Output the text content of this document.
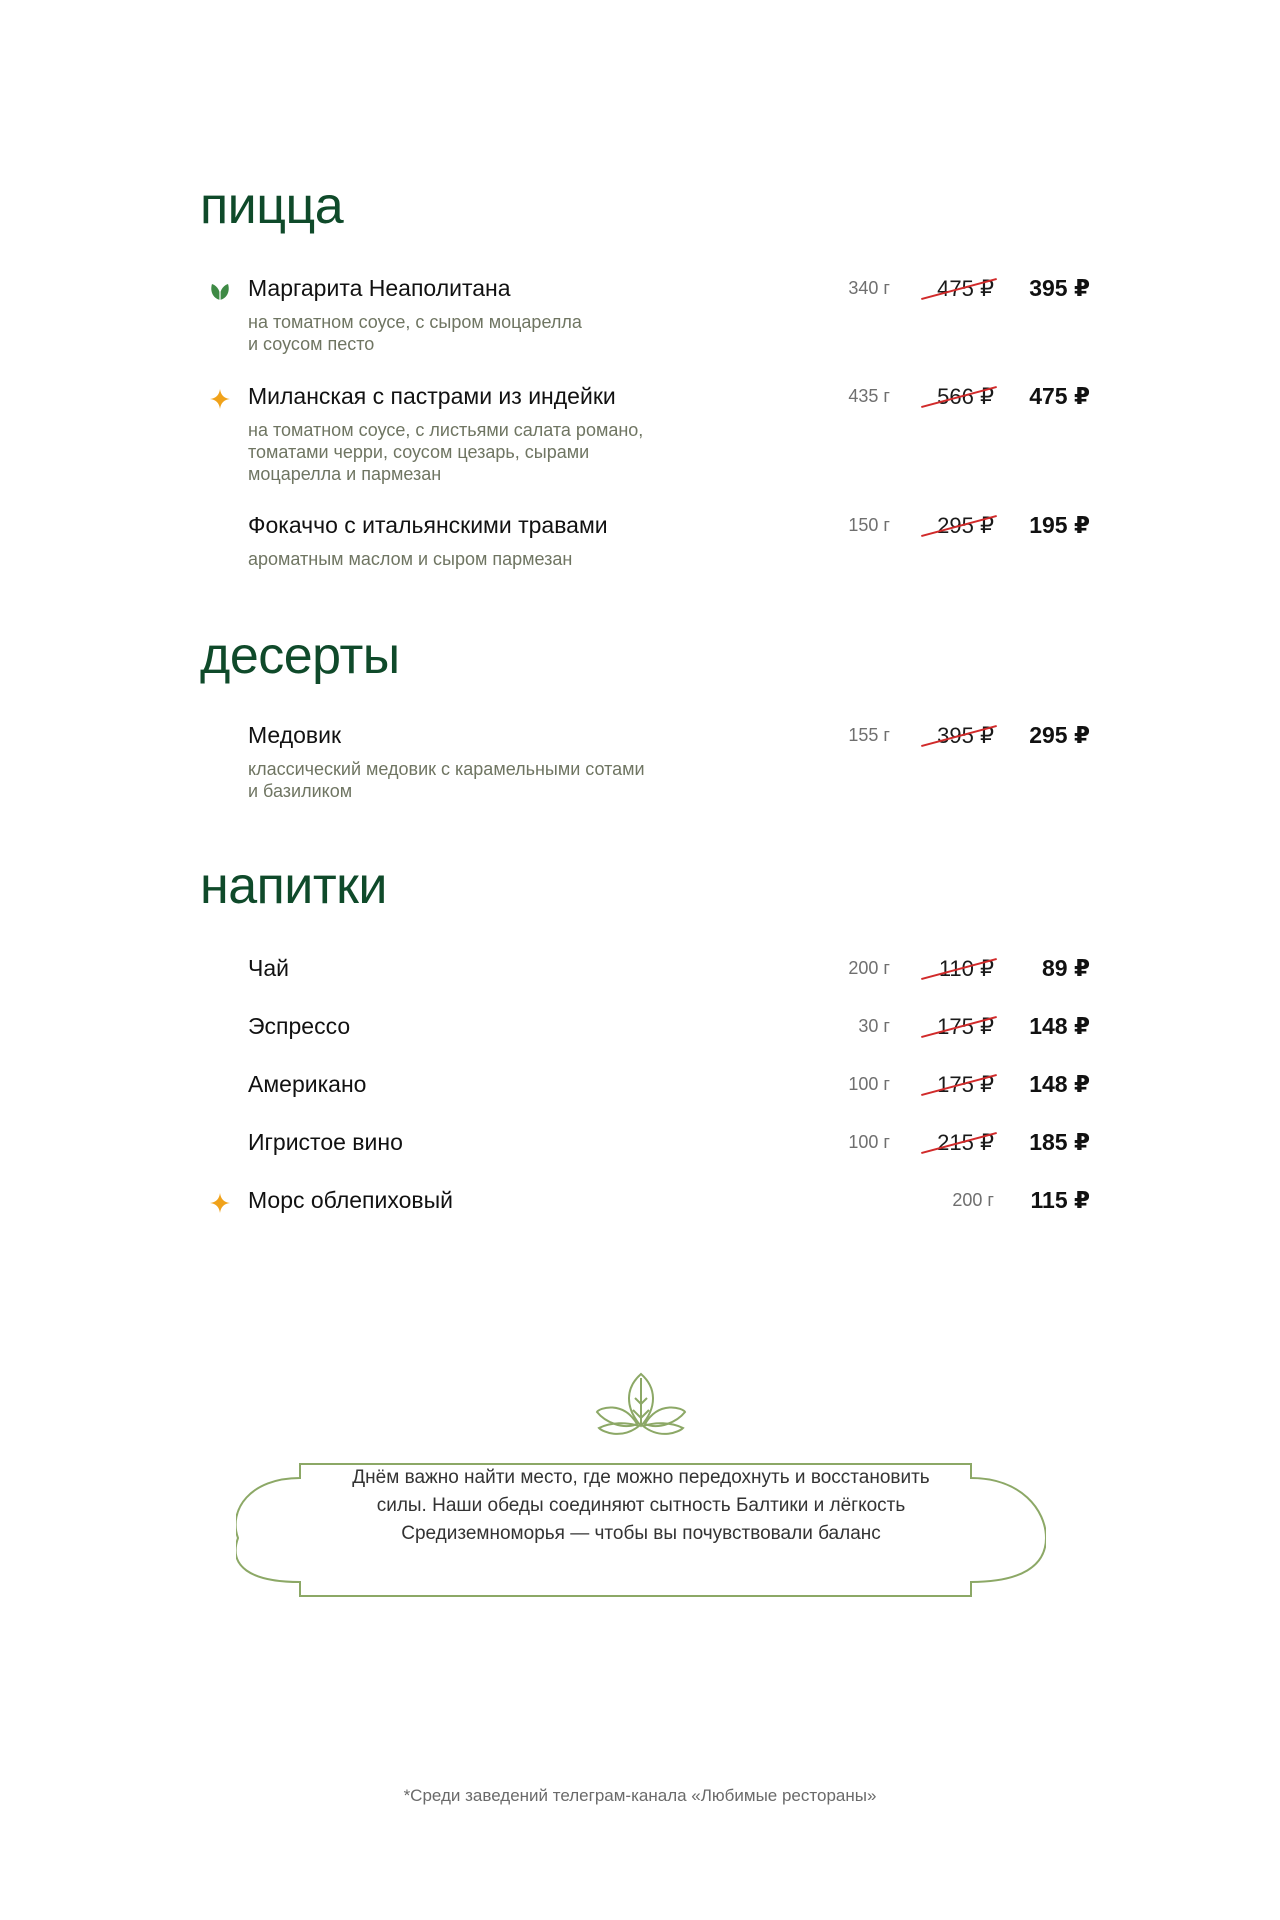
пицца
Маргарита Неаполитана
на томатном соусе, с сыром моцарелла
и соусом песто
340 г	475 ₽	395 ₽
Миланская с пастрами из индейки
на томатном соусе, с листьями салата романо,
томатами черри, соусом цезарь, сырами
моцарелла и пармезан
435 г	566 ₽	475 ₽
Фокаччо с итальянскими травами
ароматным маслом и сыром пармезан
150 г	295 ₽	195 ₽
десерты
Медовик
классический медовик с карамельными сотами
и базиликом
155 г	395 ₽	295 ₽
напитки
Чай	200 г	110 ₽	89 ₽
Эспрессо	30 г	175 ₽	148 ₽
Американо	100 г	175 ₽	148 ₽
Игристое вино	100 г	215 ₽	185 ₽
Морс облепиховый	200 г	115 ₽
Днём важно найти место, где можно передохнуть и восстановить силы. Наши обеды соединяют сытность Балтики и лёгкость Средиземноморья — чтобы вы почувствовали баланс
*Среди заведений телеграм-канала «Любимые рестораны»
